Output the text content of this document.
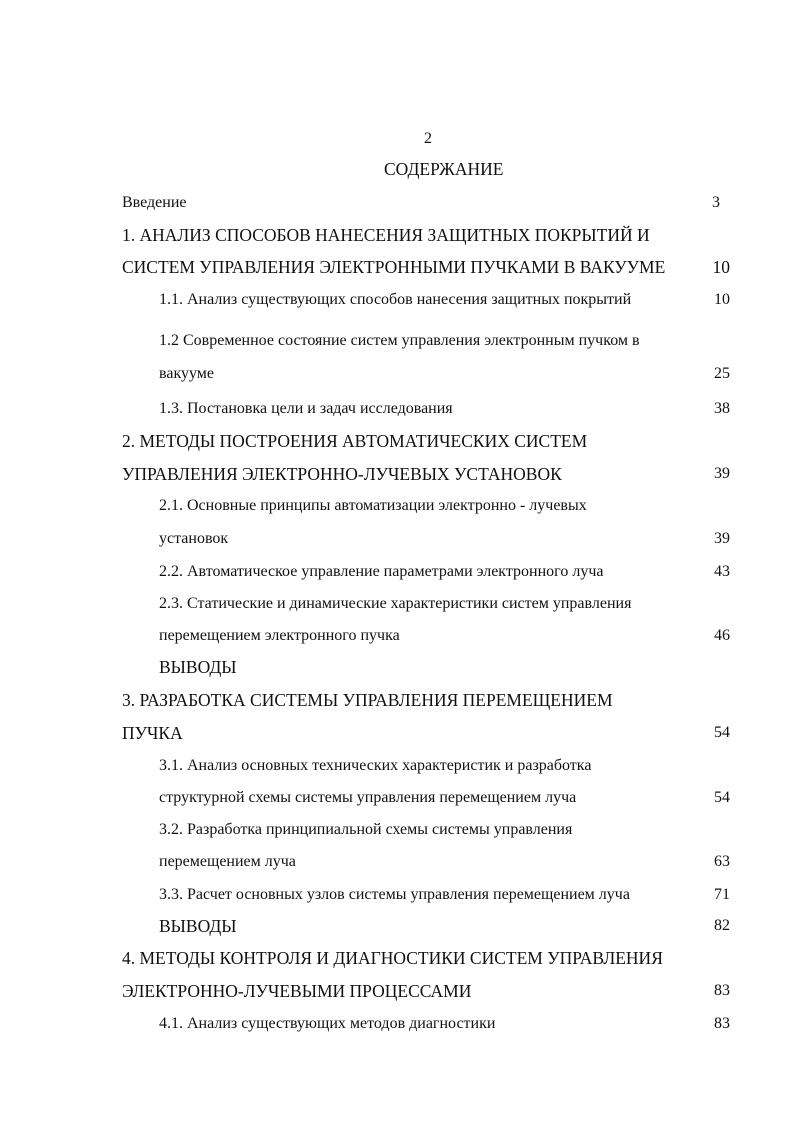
2
СОДЕРЖАНИЕ
Введение	3
1. АНАЛИЗ СПОСОБОВ НАНЕСЕНИЯ ЗАЩИТНЫХ ПОКРЫТИЙ И
СИСТЕМ УПРАВЛЕНИЯ ЭЛЕКТРОННЫМИ ПУЧКАМИ В ВАКУУМЕ	10
1.1. Анализ существующих способов нанесения защитных покрытий	10
1.2 Современное состояние систем управления электронным пучком в
вакууме	25
1.3. Постановка цели и задач исследования	38
2. МЕТОДЫ ПОСТРОЕНИЯ АВТОМАТИЧЕСКИХ СИСТЕМ
УПРАВЛЕНИЯ ЭЛЕКТРОННО-ЛУЧЕВЫХ УСТАНОВОК	39
2.1. Основные принципы автоматизации электронно - лучевых
установок	39
2.2. Автоматическое управление параметрами электронного луча	43
2.3. Статические и динамические характеристики систем управления
перемещением электронного пучка	46
ВЫВОДЫ
3. РАЗРАБОТКА СИСТЕМЫ УПРАВЛЕНИЯ ПЕРЕМЕЩЕНИЕМ
ПУЧКА	54
3.1. Анализ основных технических характеристик и разработка
структурной схемы системы управления перемещением луча	54
3.2. Разработка принципиальной схемы системы управления
перемещением луча	63
3.3. Расчет основных узлов системы управления перемещением луча	71
ВЫВОДЫ	82
4. МЕТОДЫ КОНТРОЛЯ И ДИАГНОСТИКИ СИСТЕМ УПРАВЛЕНИЯ
ЭЛЕКТРОННО-ЛУЧЕВЫМИ ПРОЦЕССАМИ	83
4.1. Анализ существующих методов диагностики	83
